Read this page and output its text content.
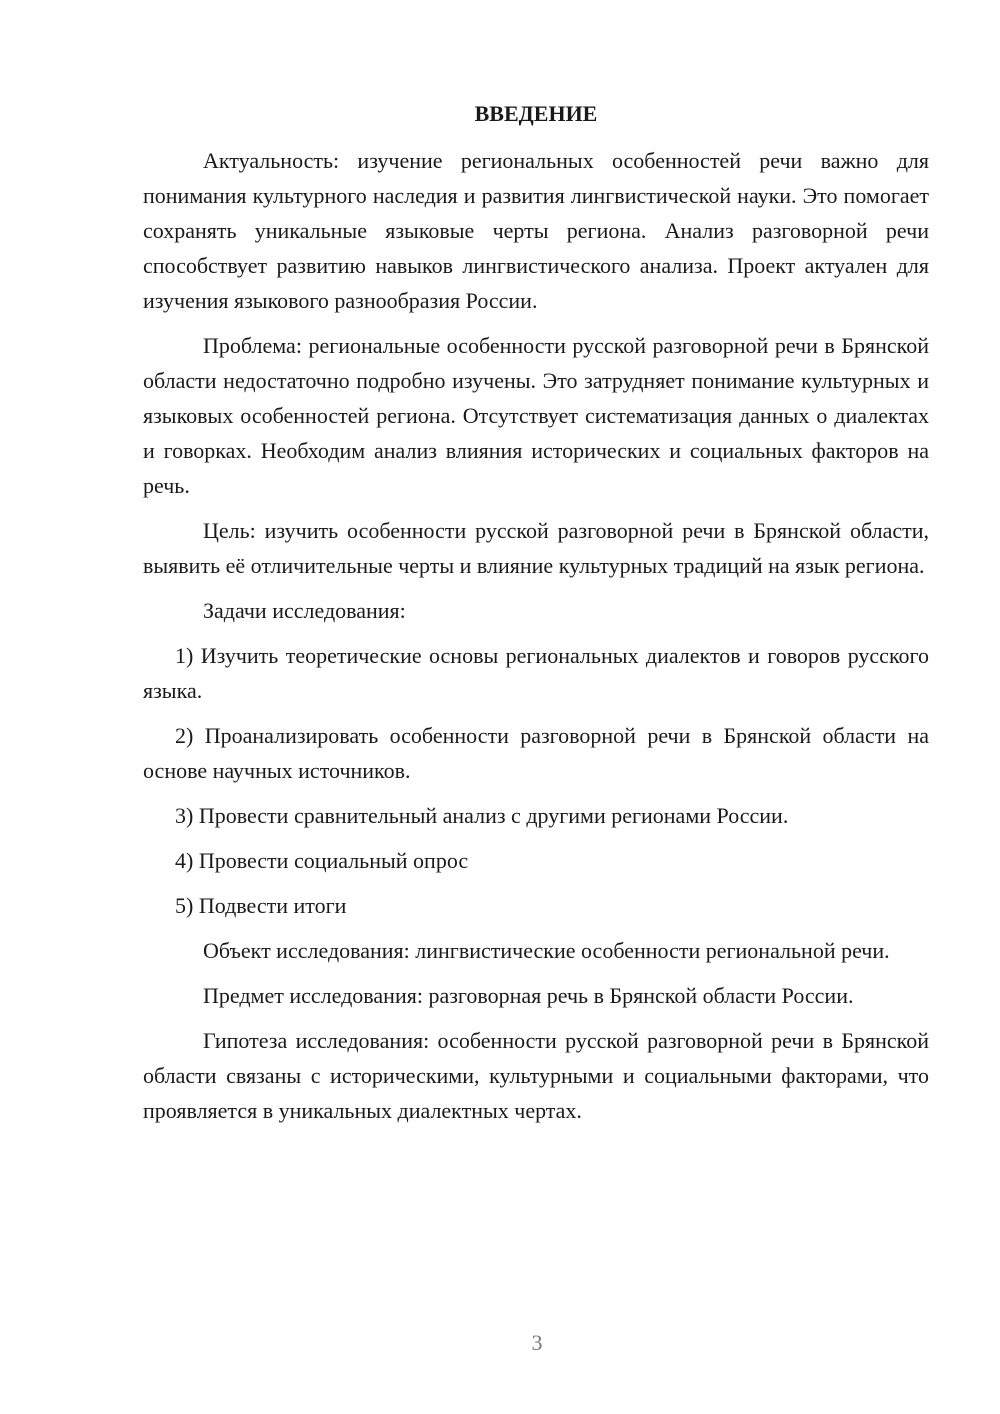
ВВЕДЕНИЕ

Актуальность: изучение региональных особенностей речи важно для понимания культурного наследия и развития лингвистической науки. Это помогает сохранять уникальные языковые черты региона. Анализ разговорной речи способствует развитию навыков лингвистического анализа. Проект актуален для изучения языкового разнообразия России.

Проблема: региональные особенности русской разговорной речи в Брянской области недостаточно подробно изучены. Это затрудняет понимание культурных и языковых особенностей региона. Отсутствует систематизация данных о диалектах и говорках. Необходим анализ влияния исторических и социальных факторов на речь.

Цель: изучить особенности русской разговорной речи в Брянской области, выявить её отличительные черты и влияние культурных традиций на язык региона.

Задачи исследования:

1) Изучить теоретические основы региональных диалектов и говоров русского языка.

2) Проанализировать особенности разговорной речи в Брянской области на основе научных источников.

3) Провести сравнительный анализ с другими регионами России.

4) Провести социальный опрос

5) Подвести итоги

Объект исследования: лингвистические особенности региональной речи.

Предмет исследования: разговорная речь в Брянской области России.

Гипотеза исследования: особенности русской разговорной речи в Брянской области связаны с историческими, культурными и социальными факторами, что проявляется в уникальных диалектных чертах.

3
